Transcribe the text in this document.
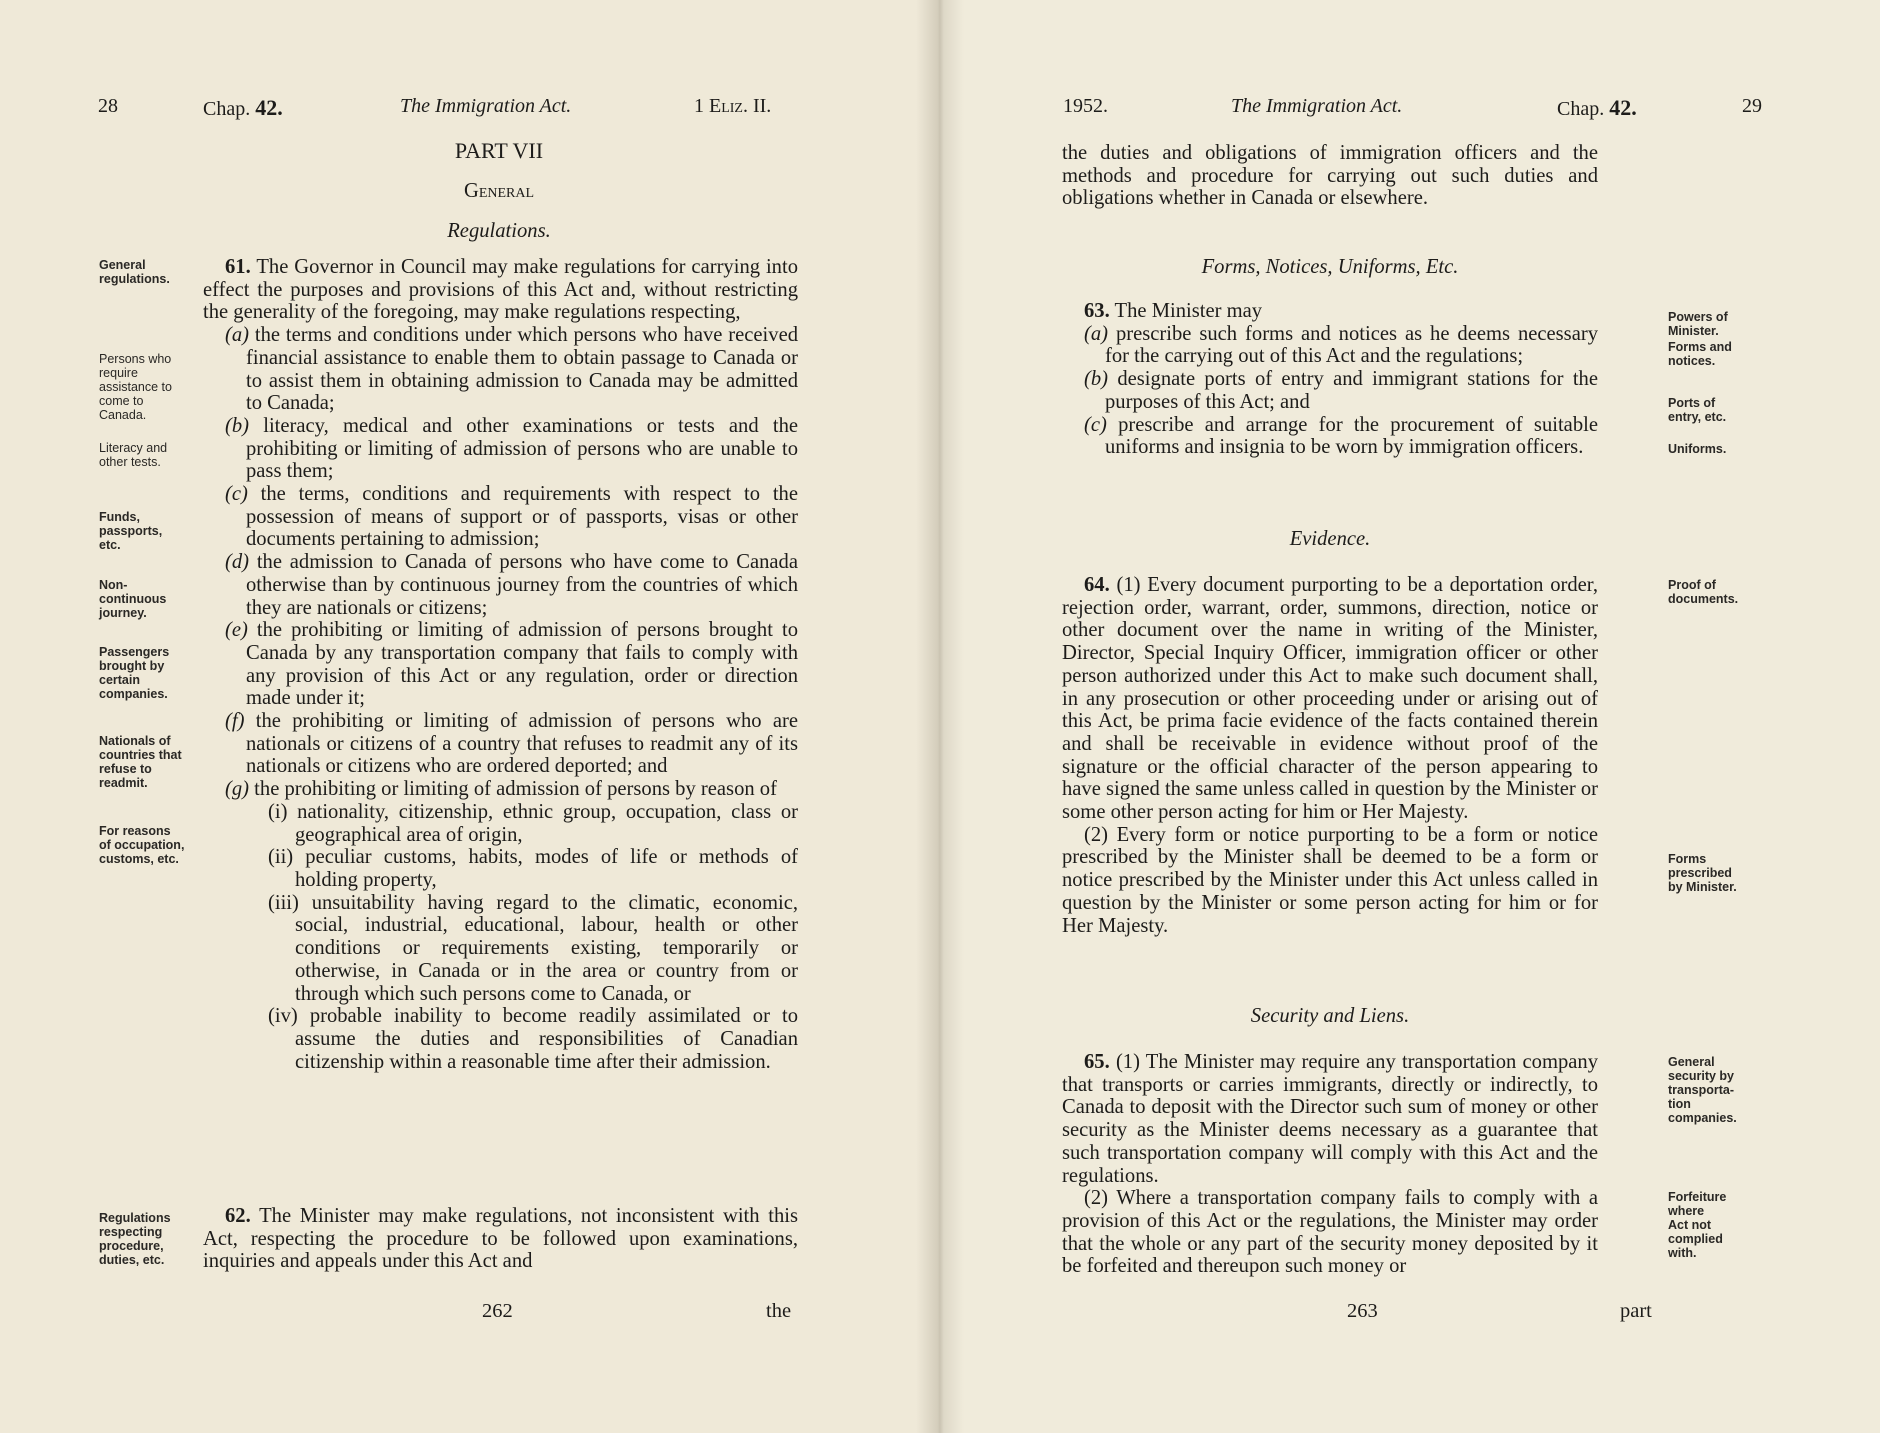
28	Chap. 42.	The Immigration Act.	1 Eliz. II.
PART VII
General
Regulations.

61. The Governor in Council may make regulations for carrying into effect the purposes and provisions of this Act and, without restricting the generality of the foregoing, may make regulations respecting,

(a) the terms and conditions under which persons who have received financial assistance to enable them to obtain passage to Canada or to assist them in obtaining admission to Canada may be admitted to Canada;

(b) literacy, medical and other examinations or tests and the prohibiting or limiting of admission of persons who are unable to pass them;

(c) the terms, conditions and requirements with respect to the possession of means of support or of passports, visas or other documents pertaining to admission;

(d) the admission to Canada of persons who have come to Canada otherwise than by continuous journey from the countries of which they are nationals or citizens;

(e) the prohibiting or limiting of admission of persons brought to Canada by any transportation company that fails to comply with any provision of this Act or any regulation, order or direction made under it;

(f) the prohibiting or limiting of admission of persons who are nationals or citizens of a country that refuses to readmit any of its nationals or citizens who are ordered deported; and

(g) the prohibiting or limiting of admission of persons by reason of

(i) nationality, citizenship, ethnic group, occupation, class or geographical area of origin,

(ii) peculiar customs, habits, modes of life or methods of holding property,

(iii) unsuitability having regard to the climatic, economic, social, industrial, educational, labour, health or other conditions or requirements existing, temporarily or otherwise, in Canada or in the area or country from or through which such persons come to Canada, or

(iv) probable inability to become readily assimilated or to assume the duties and responsibilities of Canadian citizenship within a reasonable time after their admission.

62. The Minister may make regulations, not inconsistent with this Act, respecting the procedure to be followed upon examinations, inquiries and appeals under this Act and

General
regulations.
Persons who
require
assistance to
come to
Canada.
Literacy and
other tests.
Funds,
passports,
etc.
Non-
continuous
journey.
Passengers
brought by
certain
companies.
Nationals of
countries that
refuse to
readmit.
For reasons
of occupation,
customs, etc.
Regulations
respecting
procedure,
duties, etc.
262	the
1952.	The Immigration Act.	Chap. 42.	29
the duties and obligations of immigration officers and the methods and procedure for carrying out such duties and obligations whether in Canada or elsewhere.
Forms, Notices, Uniforms, Etc.

63. The Minister may

(a) prescribe such forms and notices as he deems necessary for the carrying out of this Act and the regulations;

(b) designate ports of entry and immigrant stations for the purposes of this Act; and

(c) prescribe and arrange for the procurement of suitable uniforms and insignia to be worn by immigration officers.

Evidence.

64. (1) Every document purporting to be a deportation order, rejection order, warrant, order, summons, direction, notice or other document over the name in writing of the Minister, Director, Special Inquiry Officer, immigration officer or other person authorized under this Act to make such document shall, in any prosecution or other proceeding under or arising out of this Act, be prima facie evidence of the facts contained therein and shall be receivable in evidence without proof of the signature or the official character of the person appearing to have signed the same unless called in question by the Minister or some other person acting for him or Her Majesty.

(2) Every form or notice purporting to be a form or notice prescribed by the Minister shall be deemed to be a form or notice prescribed by the Minister under this Act unless called in question by the Minister or some person acting for him or for Her Majesty.

Security and Liens.

65. (1) The Minister may require any transportation company that transports or carries immigrants, directly or indirectly, to Canada to deposit with the Director such sum of money or other security as the Minister deems necessary as a guarantee that such transportation company will comply with this Act and the regulations.

(2) Where a transportation company fails to comply with a provision of this Act or the regulations, the Minister may order that the whole or any part of the security money deposited by it be forfeited and thereupon such money or

Powers of
Minister.
Forms and
notices.
Ports of
entry, etc.
Uniforms.
Proof of
documents.
Forms
prescribed
by Minister.
General
security by
transporta-
tion
companies.
Forfeiture
where
Act not
complied
with.
263	part
